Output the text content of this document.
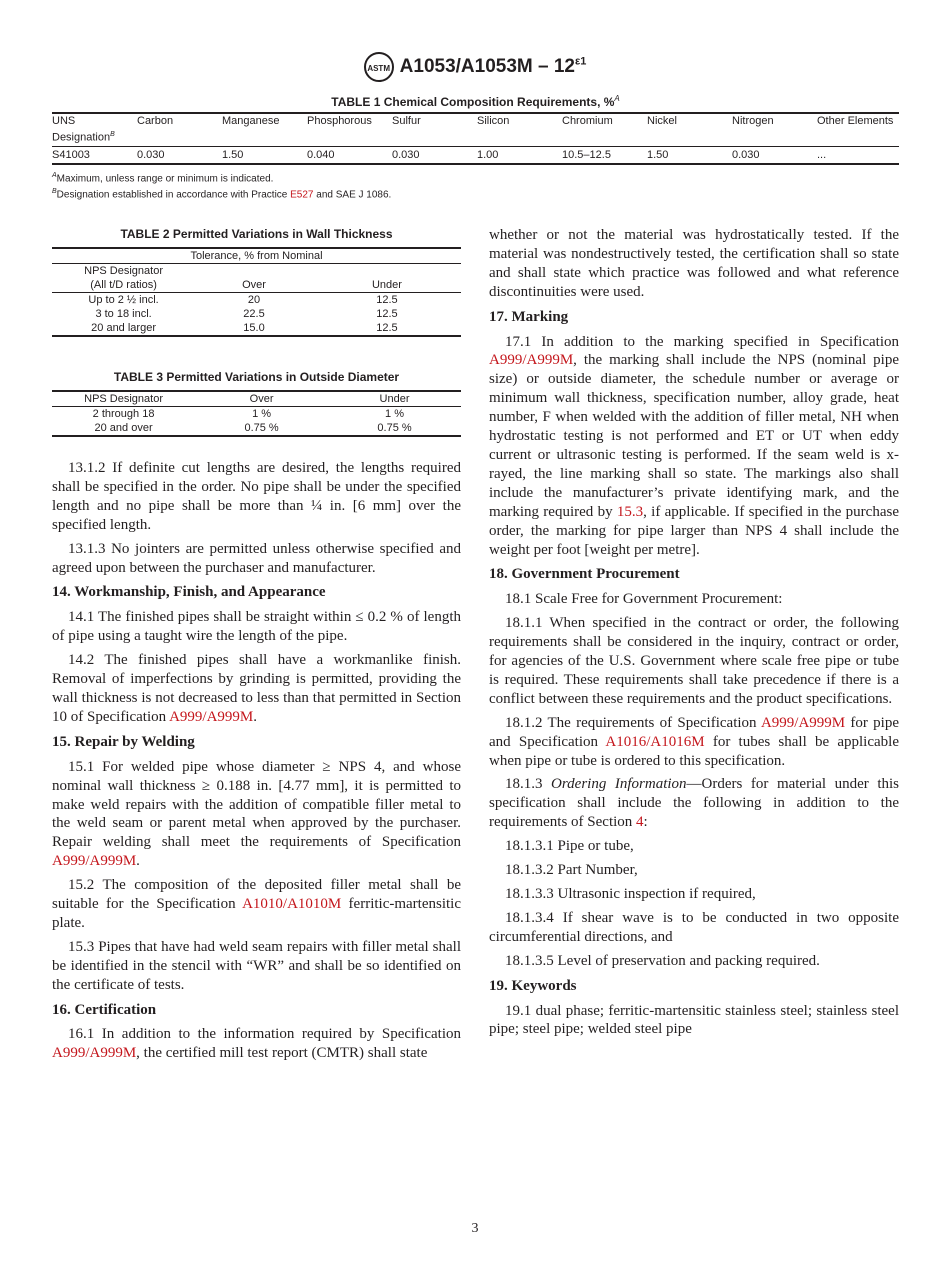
ASTM $A1053/A1053M - 12^{\varepsilon 1}$
TABLE 1 Chemical Composition Requirements, %$^A$
UNS Designation$^B$	Carbon	Manganese	Phosphorous	Sulfur	Silicon	Chromium	Nickel	Nitrogen	Other Elements
S41003	0.030	1.50	0.040	0.030	1.00	10.5–12.5	1.50	0.030	...
$^A$Maximum, unless range or minimum is indicated.
$^B$Designation established in accordance with Practice E527 and SAE J 1086.
TABLE 2 Permitted Variations in Wall Thickness
Tolerance, % from Nominal		
NPS Designator		
(All t/D ratios)	Over	Under
Up to 2 ½ incl.	20	12.5
3 to 18 incl.	22.5	12.5
20 and larger	15.0	12.5
TABLE 3 Permitted Variations in Outside Diameter
NPS Designator	Over	Under
2 through 18	1 %	1 %
20 and over	0.75 %	0.75 %

13.1.2 If definite cut lengths are desired, the lengths required shall be specified in the order. No pipe shall be under the specified length and no pipe shall be more than ¼ in. [6 mm] over the specified length.

13.1.3 No jointers are permitted unless otherwise specified and agreed upon between the purchaser and manufacturer.

14. Workmanship, Finish, and Appearance

14.1 The finished pipes shall be straight within ≤ 0.2 % of length of pipe using a taught wire the length of the pipe.

14.2 The finished pipes shall have a workmanlike finish. Removal of imperfections by grinding is permitted, providing the wall thickness is not decreased to less than that permitted in Section 10 of Specification A999/A999M.

15. Repair by Welding

15.1 For welded pipe whose diameter ≥ NPS 4, and whose nominal wall thickness ≥ 0.188 in. [4.77 mm], it is permitted to make weld repairs with the addition of compatible filler metal to the weld seam or parent metal when approved by the purchaser. Repair welding shall meet the requirements of Specification A999/A999M.

15.2 The composition of the deposited filler metal shall be suitable for the Specification A1010/A1010M ferritic-martensitic plate.

15.3 Pipes that have had weld seam repairs with filler metal shall be identified in the stencil with “WR” and shall be so identified on the certificate of tests.

16. Certification

16.1 In addition to the information required by Specification A999/A999M, the certified mill test report (CMTR) shall state

whether or not the material was hydrostatically tested. If the material was nondestructively tested, the certification shall so state and shall state which practice was followed and what reference discontinuities were used.

17. Marking

17.1 In addition to the marking specified in Specification A999/A999M, the marking shall include the NPS (nominal pipe size) or outside diameter, the schedule number or average or minimum wall thickness, specification number, alloy grade, heat number, F when welded with the addition of filler metal, NH when hydrostatic testing is not performed and ET or UT when eddy current or ultrasonic testing is performed. If the seam weld is x-rayed, the line marking shall so state. The markings also shall include the manufacturer’s private identifying mark, and the marking required by 15.3, if applicable. If specified in the purchase order, the marking for pipe larger than NPS 4 shall include the weight per foot [weight per metre].

18. Government Procurement

18.1 Scale Free for Government Procurement:

18.1.1 When specified in the contract or order, the following requirements shall be considered in the inquiry, contract or order, for agencies of the U.S. Government where scale free pipe or tube is required. These requirements shall take precedence if there is a conflict between these requirements and the product specifications.

18.1.2 The requirements of Specification A999/A999M for pipe and Specification A1016/A1016M for tubes shall be applicable when pipe or tube is ordered to this specification.

18.1.3 Ordering Information—Orders for material under this specification shall include the following in addition to the requirements of Section 4:

18.1.3.1 Pipe or tube,

18.1.3.2 Part Number,

18.1.3.3 Ultrasonic inspection if required,

18.1.3.4 If shear wave is to be conducted in two opposite circumferential directions, and

18.1.3.5 Level of preservation and packing required.

19. Keywords

19.1 dual phase; ferritic-martensitic stainless steel; stainless steel pipe; steel pipe; welded steel pipe

3
